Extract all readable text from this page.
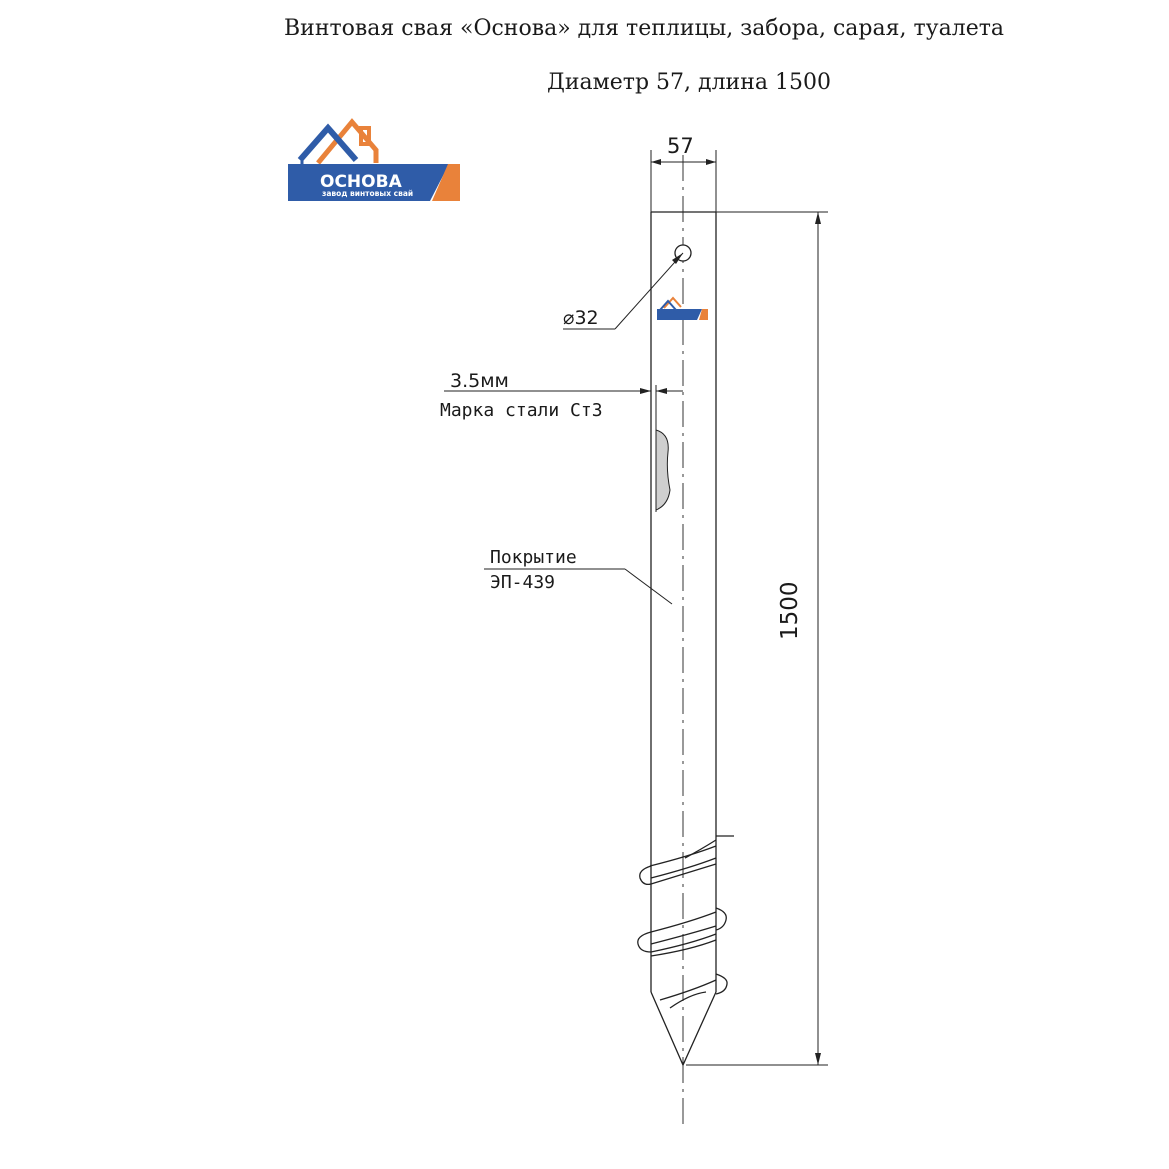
Винтовая свая «Основа» для теплицы, забора, сарая, туалета
Диаметр 57, длина 1500
ОСНОВА
завод винтовых свай
57
⌀32
3.5мм
Марка стали Ст3
Покрытие
ЭП-439	1500
